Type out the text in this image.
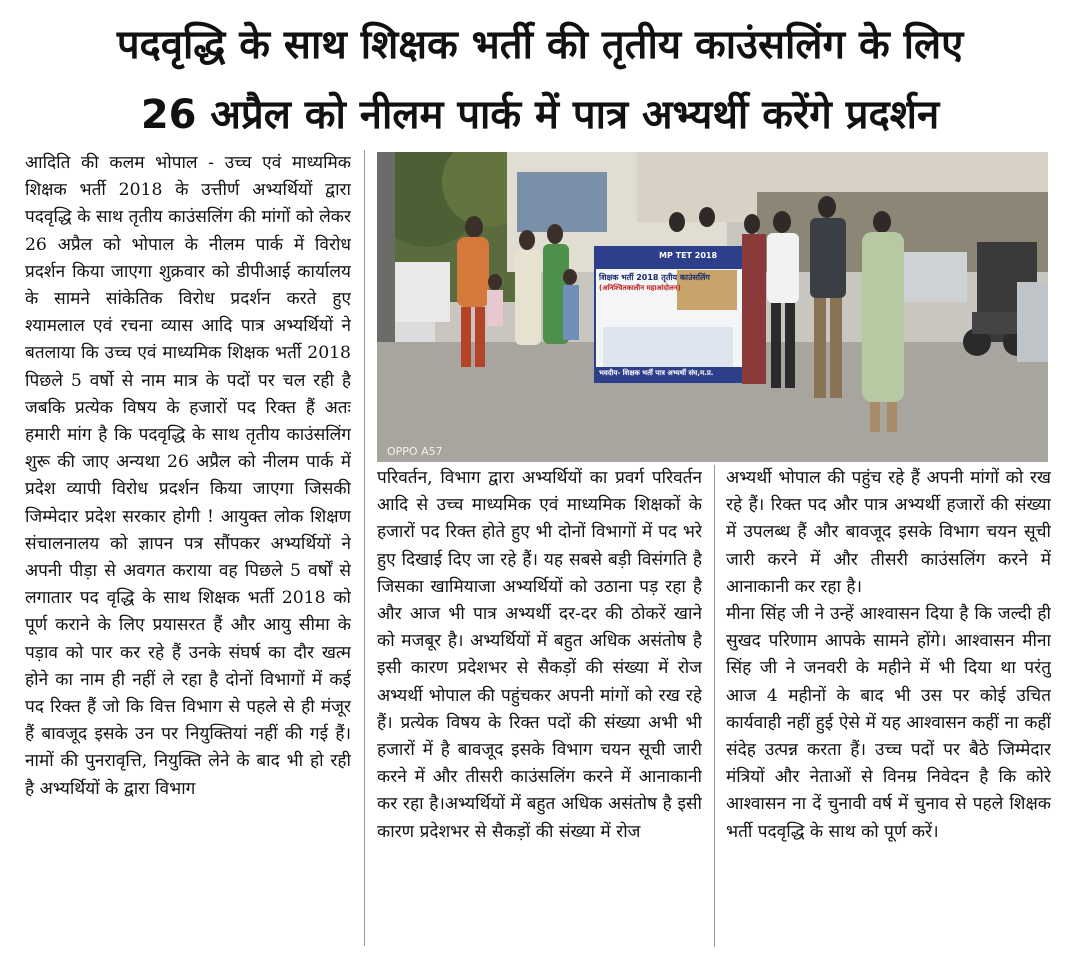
पदवृद्धि के साथ शिक्षक भर्ती की तृतीय काउंसलिंग के लिए
26 अप्रैल को नीलम पार्क में पात्र अभ्यर्थी करेंगे प्रदर्शन

आदिति की कलम भोपाल - उच्च एवं माध्यमिक शिक्षक भर्ती 2018 के उत्तीर्ण अभ्यर्थियों द्वारा पदवृद्धि के साथ तृतीय काउंसलिंग की मांगों को लेकर 26 अप्रैल को भोपाल के नीलम पार्क में विरोध प्रदर्शन किया जाएगा शुक्रवार को डीपीआई कार्यालय के सामने सांकेतिक विरोध प्रदर्शन करते हुए श्यामलाल एवं रचना व्यास आदि पात्र अभ्यर्थियों ने बतलाया कि उच्च एवं माध्यमिक शिक्षक भर्ती 2018 पिछले 5 वर्षो से नाम मात्र के पदों पर चल रही है जबकि प्रत्येक विषय के हजारों पद रिक्त हैं अतः हमारी मांग है कि पदवृद्धि के साथ तृतीय काउंसलिंग शुरू की जाए अन्यथा 26 अप्रैल को नीलम पार्क में प्रदेश व्यापी विरोध प्रदर्शन किया जाएगा जिसकी जिम्मेदार प्रदेश सरकार होगी ! आयुक्त लोक शिक्षण संचालनालय को ज्ञापन पत्र सौंपकर अभ्यर्थियों ने अपनी पीड़ा से अवगत कराया वह पिछले 5 वर्षों से लगातार पद वृद्धि के साथ शिक्षक भर्ती 2018 को पूर्ण कराने के लिए प्रयासरत हैं और आयु सीमा के पड़ाव को पार कर रहे हैं उनके संघर्ष का दौर खत्म होने का नाम ही नहीं ले रहा है दोनों विभागों में कई पद रिक्त हैं जो कि वित्त विभाग से पहले से ही मंजूर हैं बावजूद इसके उन पर नियुक्तियां नहीं की गई हैं। नामों की पुनरावृत्ति, नियुक्ति लेने के बाद भी हो रही है अभ्यर्थियों के द्वारा विभाग

MP TET 2018
शिक्षक भर्ती 2018 तृतीय काउंसलिंग
(अनिश्चितकालीन महाआंदोलन)
भवदीय- शिक्षक भर्ती पात्र अभ्यर्थी संघ,म.प्र.
OPPO A57

परिवर्तन, विभाग द्वारा अभ्यर्थियों का प्रवर्ग परिवर्तन आदि से उच्च माध्यमिक एवं माध्यमिक शिक्षकों के हजारों पद रिक्त होते हुए भी दोनों विभागों में पद भरे हुए दिखाई दिए जा रहे हैं। यह सबसे बड़ी विसंगति है जिसका खामियाजा अभ्यर्थियों को उठाना पड़ रहा है और आज भी पात्र अभ्यर्थी दर-दर की ठोकरें खाने को मजबूर है। अभ्यर्थियों में बहुत अधिक असंतोष है इसी कारण प्रदेशभर से सैकड़ों की संख्या में रोज अभ्यर्थी भोपाल की पहुंचकर अपनी मांगों को रख रहे हैं। प्रत्येक विषय के रिक्त पदों की संख्या अभी भी हजारों में है बावजूद इसके विभाग चयन सूची जारी करने में और तीसरी काउंसलिंग करने में आनाकानी कर रहा है।अभ्यर्थियों में बहुत अधिक असंतोष है इसी कारण प्रदेशभर से सैकड़ों की संख्या में रोज

अभ्यर्थी भोपाल की पहुंच रहे हैं अपनी मांगों को रख रहे हैं। रिक्त पद और पात्र अभ्यर्थी हजारों की संख्या में उपलब्ध हैं और बावजूद इसके विभाग चयन सूची जारी करने में और तीसरी काउंसलिंग करने में आनाकानी कर रहा है।

मीना सिंह जी ने उन्हें आश्वासन दिया है कि जल्दी ही सुखद परिणाम आपके सामने होंगे। आश्वासन मीना सिंह जी ने जनवरी के महीने में भी दिया था परंतु आज 4 महीनों के बाद भी उस पर कोई उचित कार्यवाही नहीं हुई ऐसे में यह आश्वासन कहीं ना कहीं संदेह उत्पन्न करता हैं। उच्च पदों पर बैठे जिम्मेदार मंत्रियों और नेताओं से विनम्र निवेदन है कि कोरे आश्वासन ना दें चुनावी वर्ष में चुनाव से पहले शिक्षक भर्ती पदवृद्धि के साथ को पूर्ण करें।
